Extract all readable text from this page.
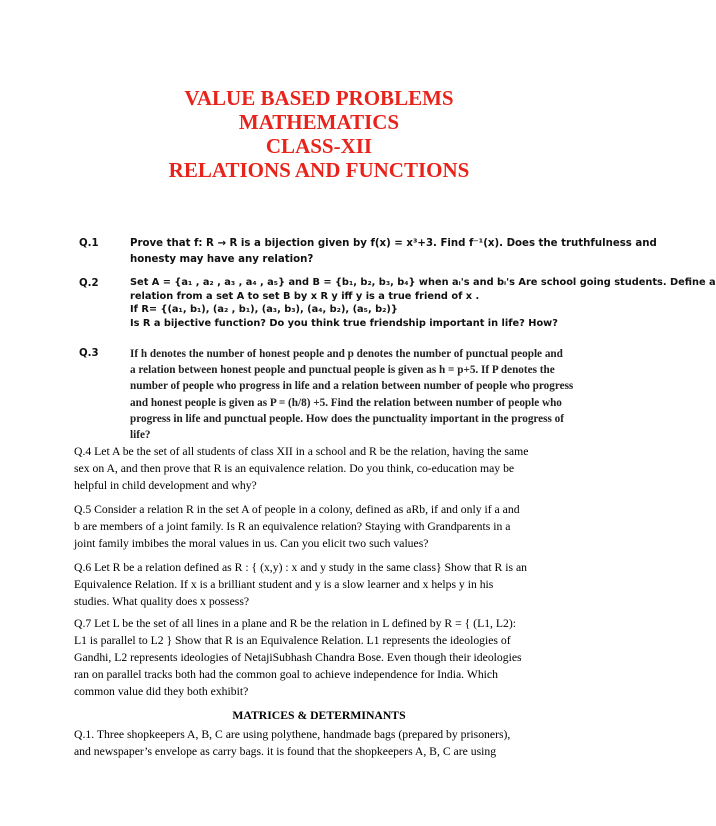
VALUE BASED PROBLEMS
MATHEMATICS
CLASS-XII
RELATIONS AND FUNCTIONS
Q.1	Prove that f: R → R is a bijection given by f(x) = x³+3. Find f⁻¹(x). Does the truthfulness and
honesty may have any relation?
Q.2	Set A = {a₁ , a₂ , a₃ , a₄ , a₅} and B = {b₁, b₂, b₃, b₄} when aᵢ's and bᵢ's Are school going students. Define a
relation from a set A to set B by x R y iff y is a true friend of x .
If R= {(a₁, b₁), (a₂ , b₁), (a₃, b₃), (a₄, b₂), (a₅, b₂)}
Is R a bijective function? Do you think true friendship important in life? How?
Q.3	If h denotes the number of honest people and p denotes the number of punctual people and
a relation between honest people and punctual people is given as h = p+5. If P denotes the
number of people who progress in life and a relation between number of people who progress
and honest people is given as P = (h/8) +5. Find the relation between number of people who
progress in life and punctual people. How does the punctuality important in the progress of
life?
Q.4 Let A be the set of all students of class XII in a school and R be the relation, having the same
sex on A, and then prove that R is an equivalence relation. Do you think, co-education may be
helpful in child development and why?
Q.5 Consider a relation R in the set A of people in a colony, defined as aRb, if and only if a and
b are members of a joint family. Is R an equivalence relation? Staying with Grandparents in a
joint family imbibes the moral values in us. Can you elicit two such values?
Q.6 Let R be a relation defined as R : { (x,y) : x and y study in the same class} Show that R is an
Equivalence Relation. If x is a brilliant student and y is a slow learner and x helps y in his
studies. What quality does x possess?
Q.7 Let L be the set of all lines in a plane and R be the relation in L defined by R = { (L1, L2):
L1 is parallel to L2 } Show that R is an Equivalence Relation. L1 represents the ideologies of
Gandhi, L2 represents ideologies of NetajiSubhash Chandra Bose. Even though their ideologies
ran on parallel tracks both had the common goal to achieve independence for India. Which
common value did they both exhibit?
MATRICES & DETERMINANTS
Q.1. Three shopkeepers A, B, C are using polythene, handmade bags (prepared by prisoners),
and newspaper’s envelope as carry bags. it is found that the shopkeepers A, B, C are using
